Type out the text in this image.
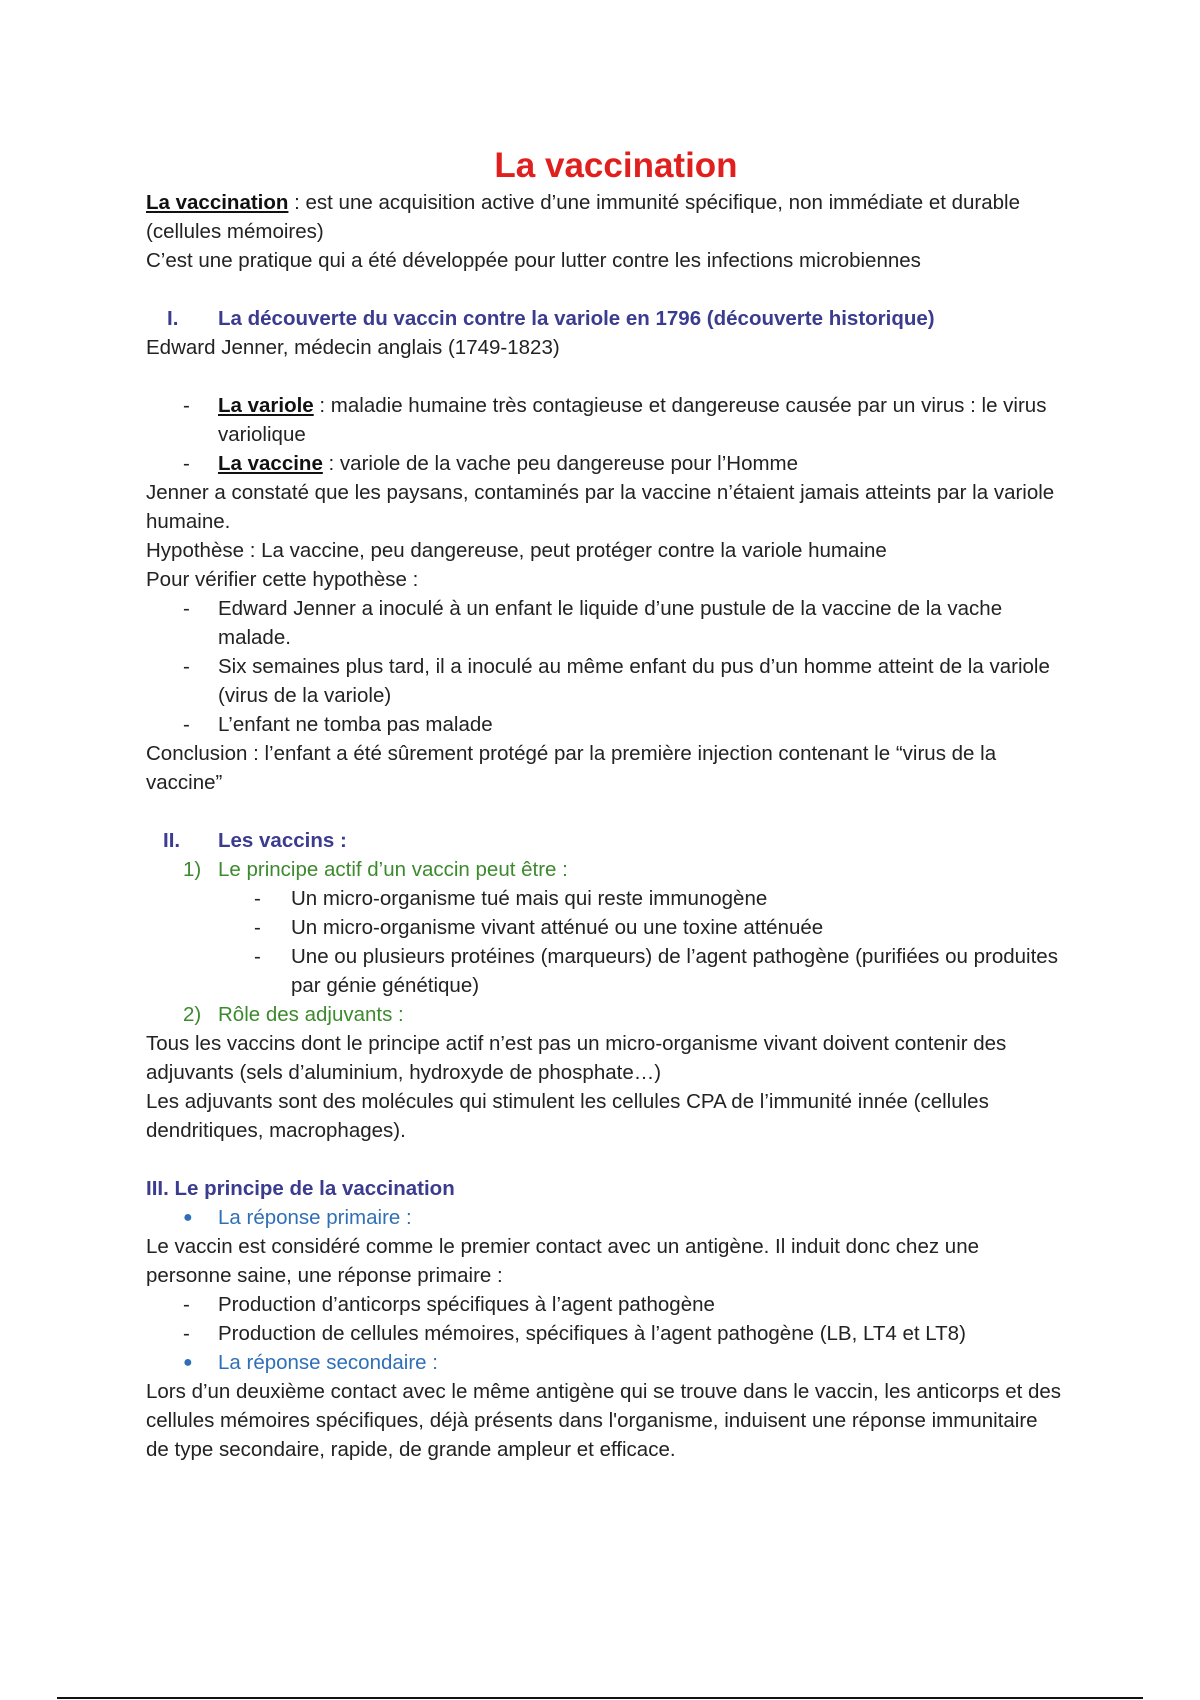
La vaccination

La vaccination : est une acquisition active d’une immunité spécifique, non immédiate et durable (cellules mémoires)

C’est une pratique qui a été développée pour lutter contre les infections microbiennes

I.	La découverte du vaccin contre la variole en 1796 (découverte historique)

Edward Jenner, médecin anglais (1749-1823)

-	La variole : maladie humaine très contagieuse et dangereuse causée par un virus : le virus variolique
-	La vaccine : variole de la vache peu dangereuse pour l’Homme

Jenner a constaté que les paysans, contaminés par la vaccine n’étaient jamais atteints par la variole humaine.

Hypothèse : La vaccine, peu dangereuse, peut protéger contre la variole humaine

Pour vérifier cette hypothèse :

-	Edward Jenner a inoculé à un enfant le liquide d’une pustule de la vaccine de la vache malade.
-	Six semaines plus tard, il a inoculé au même enfant du pus d’un homme atteint de la variole (virus de la variole)
-	L’enfant ne tomba pas malade

Conclusion : l’enfant a été sûrement protégé par la première injection contenant le “virus de la vaccine”

II.	Les vaccins :
1) Le principe actif d’un vaccin peut être :
-	Un micro-organisme tué mais qui reste immunogène
-	Un micro-organisme vivant atténué ou une toxine atténuée
-	Une ou plusieurs protéines (marqueurs) de l’agent pathogène (purifiées ou produites par génie génétique)
2) Rôle des adjuvants :

Tous les vaccins dont le principe actif n’est pas un micro-organisme vivant doivent contenir des adjuvants (sels d’aluminium, hydroxyde de phosphate…)

Les adjuvants sont des molécules qui stimulent les cellules CPA de l’immunité innée (cellules dendritiques, macrophages).

III. Le principe de la vaccination
●	La réponse primaire :

Le vaccin est considéré comme le premier contact avec un antigène. Il induit donc chez une personne saine, une réponse primaire :

-	Production d’anticorps spécifiques à l’agent pathogène
-	Production de cellules mémoires, spécifiques à l’agent pathogène (LB, LT4 et LT8)
●	La réponse secondaire :

Lors d’un deuxième contact avec le même antigène qui se trouve dans le vaccin, les anticorps et des cellules mémoires spécifiques, déjà présents dans l'organisme, induisent une réponse immunitaire de type secondaire, rapide, de grande ampleur et efficace.
